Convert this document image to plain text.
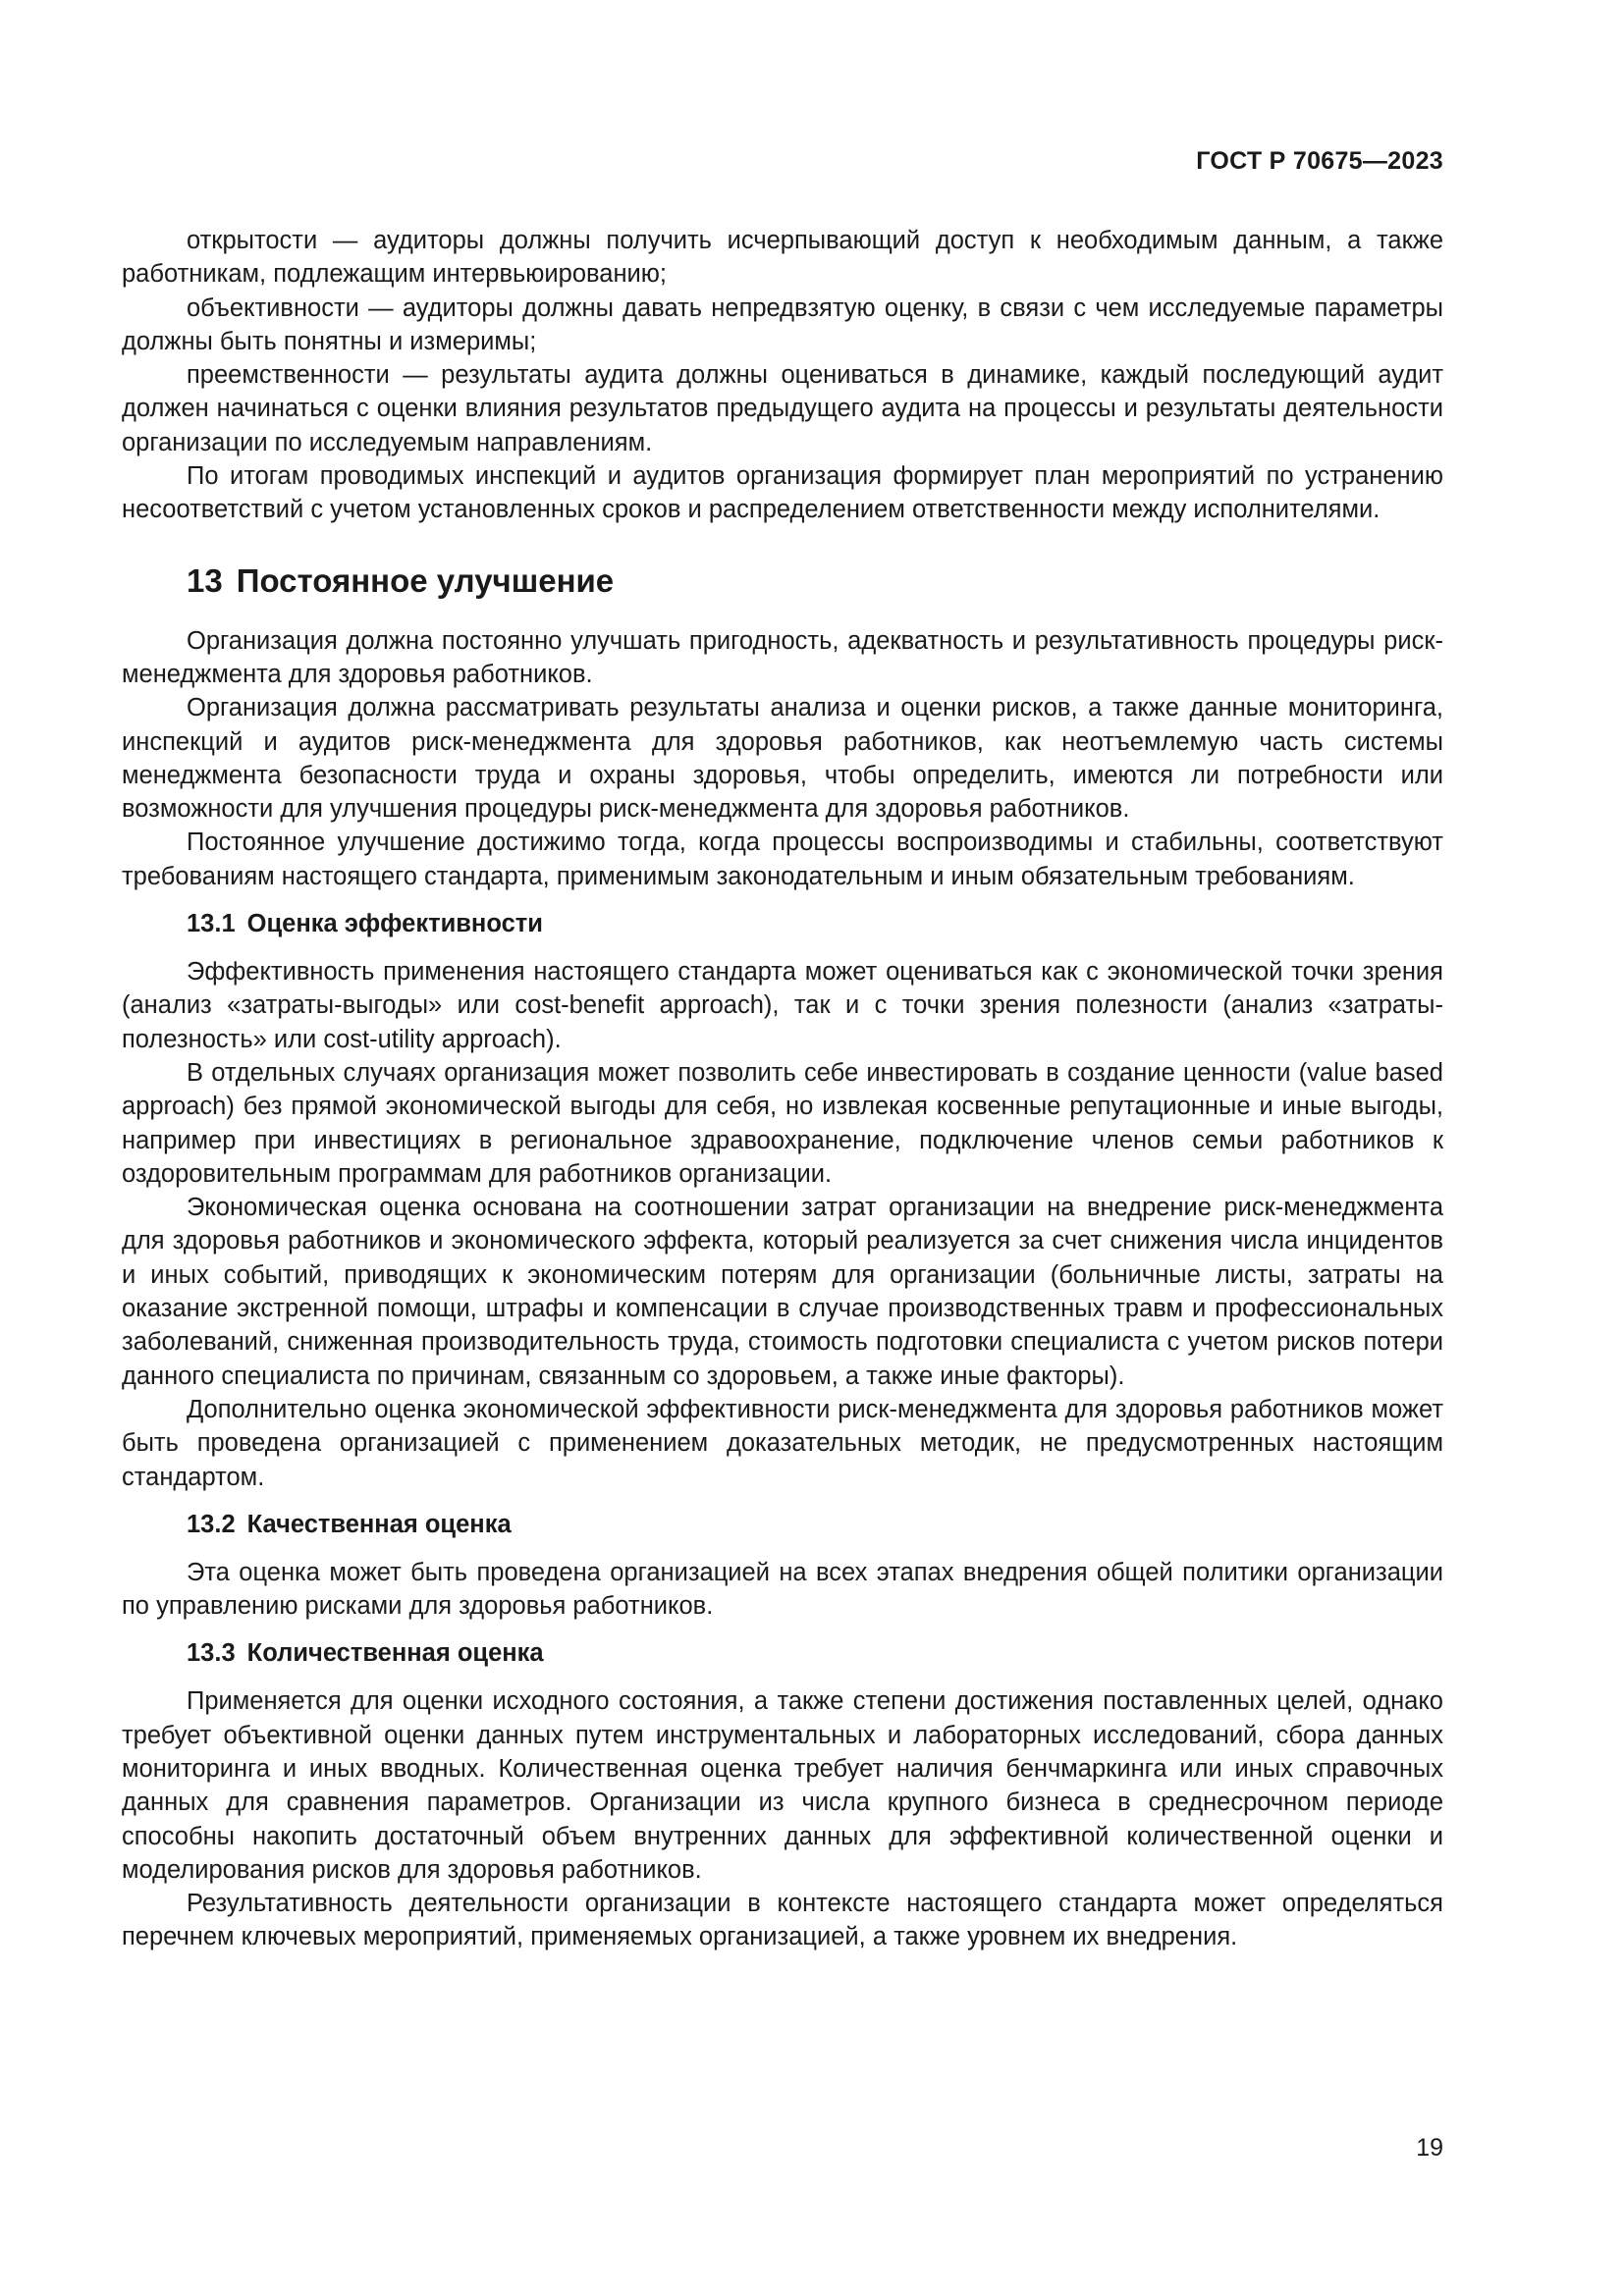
ГОСТ Р 70675—2023

открытости — аудиторы должны получить исчерпывающий доступ к необходимым данным, а также работникам, подлежащим интервьюированию;

объективности — аудиторы должны давать непредвзятую оценку, в связи с чем исследуемые параметры должны быть понятны и измеримы;

преемственности — результаты аудита должны оцениваться в динамике, каждый последующий аудит должен начинаться с оценки влияния результатов предыдущего аудита на процессы и результаты деятельности организации по исследуемым направлениям.

По итогам проводимых инспекций и аудитов организация формирует план мероприятий по устранению несоответствий с учетом установленных сроков и распределением ответственности между исполнителями.

13 Постоянное улучшение

Организация должна постоянно улучшать пригодность, адекватность и результативность процедуры риск-менеджмента для здоровья работников.

Организация должна рассматривать результаты анализа и оценки рисков, а также данные мониторинга, инспекций и аудитов риск-менеджмента для здоровья работников, как неотъемлемую часть системы менеджмента безопасности труда и охраны здоровья, чтобы определить, имеются ли потребности или возможности для улучшения процедуры риск-менеджмента для здоровья работников.

Постоянное улучшение достижимо тогда, когда процессы воспроизводимы и стабильны, соответствуют требованиям настоящего стандарта, применимым законодательным и иным обязательным требованиям.

13.1 Оценка эффективности

Эффективность применения настоящего стандарта может оцениваться как с экономической точки зрения (анализ «затраты-выгоды» или cost-benefit approach), так и с точки зрения полезности (анализ «затраты-полезность» или cost-utility approach).

В отдельных случаях организация может позволить себе инвестировать в создание ценности (value based approach) без прямой экономической выгоды для себя, но извлекая косвенные репутационные и иные выгоды, например при инвестициях в региональное здравоохранение, подключение членов семьи работников к оздоровительным программам для работников организации.

Экономическая оценка основана на соотношении затрат организации на внедрение риск-менеджмента для здоровья работников и экономического эффекта, который реализуется за счет снижения числа инцидентов и иных событий, приводящих к экономическим потерям для организации (больничные листы, затраты на оказание экстренной помощи, штрафы и компенсации в случае производственных травм и профессиональных заболеваний, сниженная производительность труда, стоимость подготовки специалиста с учетом рисков потери данного специалиста по причинам, связанным со здоровьем, а также иные факторы).

Дополнительно оценка экономической эффективности риск-менеджмента для здоровья работников может быть проведена организацией с применением доказательных методик, не предусмотренных настоящим стандартом.

13.2 Качественная оценка

Эта оценка может быть проведена организацией на всех этапах внедрения общей политики организации по управлению рисками для здоровья работников.

13.3 Количественная оценка

Применяется для оценки исходного состояния, а также степени достижения поставленных целей, однако требует объективной оценки данных путем инструментальных и лабораторных исследований, сбора данных мониторинга и иных вводных. Количественная оценка требует наличия бенчмаркинга или иных справочных данных для сравнения параметров. Организации из числа крупного бизнеса в среднесрочном периоде способны накопить достаточный объем внутренних данных для эффективной количественной оценки и моделирования рисков для здоровья работников.

Результативность деятельности организации в контексте настоящего стандарта может определяться перечнем ключевых мероприятий, применяемых организацией, а также уровнем их внедрения.

19
